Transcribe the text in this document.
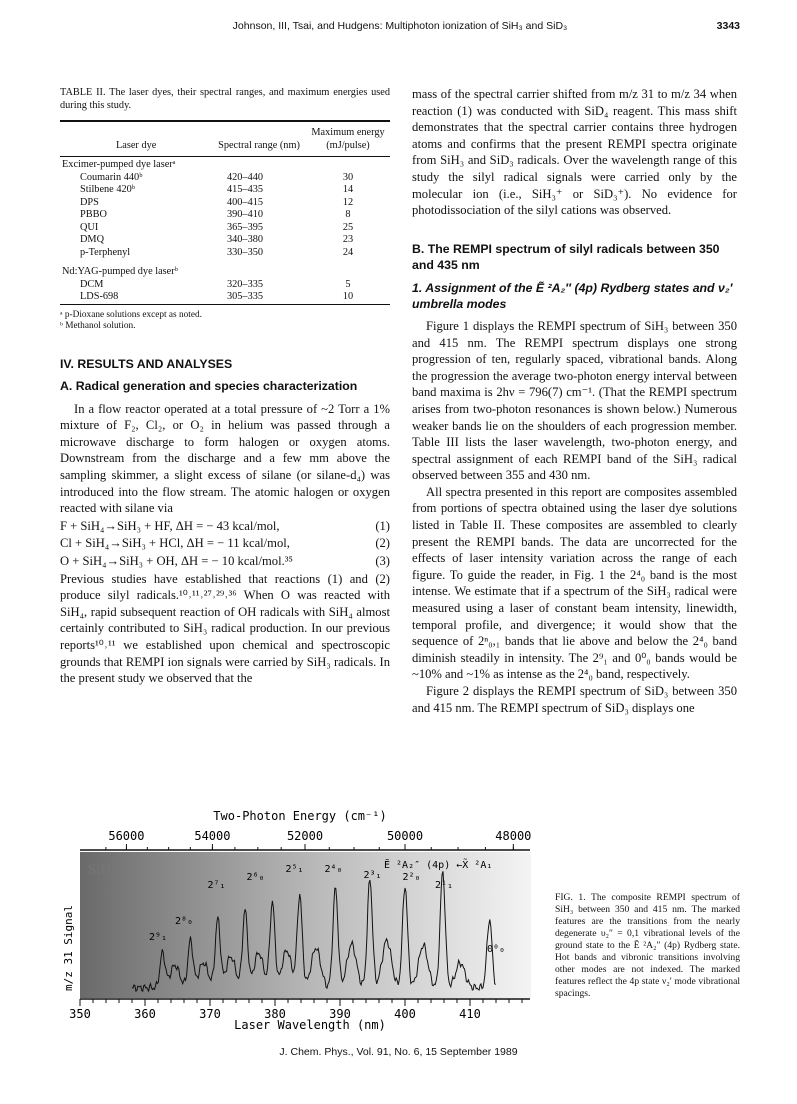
Johnson, III, Tsai, and Hudgens: Multiphoton ionization of SiH₃ and SiD₃	3343
TABLE II. The laser dyes, their spectral ranges, and maximum energies used during this study.
Laser dye	Spectral range (nm)	Maximum energy (mJ/pulse)
Excimer-pumped dye laserᵃ		
Coumarin 440ᵇ	420–440	30
Stilbene 420ᵇ	415–435	14
DPS	400–415	12
PBBO	390–410	8
QUI	365–395	25
DMQ	340–380	23
p-Terphenyl	330–350	24

Nd:YAG-pumped dye laserᵇ		
DCM	320–335	5
LDS-698	305–335	10
ᵃ p-Dioxane solutions except as noted.
ᵇ Methanol solution.
IV. RESULTS AND ANALYSES
A. Radical generation and species characterization

In a flow reactor operated at a total pressure of ~2 Torr a 1% mixture of F₂, Cl₂, or O₂ in helium was passed through a microwave discharge to form halogen or oxygen atoms. Downstream from the discharge and a few mm above the sampling skimmer, a slight excess of silane (or silane-d₄) was introduced into the flow stream. The atomic halogen or oxygen reacted with silane via

F + SiH₄→SiH₃ + HF, ΔH = − 43 kcal/mol,	(1)
Cl + SiH₄→SiH₃ + HCl, ΔH = − 11 kcal/mol,	(2)
O + SiH₄→SiH₃ + OH, ΔH = − 10 kcal/mol.³⁵	(3)

Previous studies have established that reactions (1) and (2) produce silyl radicals.¹⁰˒¹¹˒²⁷˒²⁹˒³⁶ When O was reacted with SiH₄, rapid subsequent reaction of OH radicals with SiH₄ almost certainly contributed to SiH₃ radical production. In our previous reports¹⁰˒¹¹ we established upon chemical and spectroscopic grounds that REMPI ion signals were carried by SiH₃ radicals. In the present study we observed that the

mass of the spectral carrier shifted from m/z 31 to m/z 34 when reaction (1) was conducted with SiD₄ reagent. This mass shift demonstrates that the spectral carrier contains three hydrogen atoms and confirms that the present REMPI spectra originate from SiH₃ and SiD₃ radicals. Over the wavelength range of this study the silyl radical signals were carried only by the molecular ion (i.e., SiH₃⁺ or SiD₃⁺). No evidence for photodissociation of the silyl cations was observed.

B. The REMPI spectrum of silyl radicals between 350 and 435 nm
1. Assignment of the Ẽ ²A₂″ (4p) Rydberg states and ν₂′ umbrella modes

Figure 1 displays the REMPI spectrum of SiH₃ between 350 and 415 nm. The REMPI spectrum displays one strong progression of ten, regularly spaced, vibrational bands. Along the progression the average two-photon energy interval between band maxima is 2hν = 796(7) cm⁻¹. (That the REMPI spectrum arises from two-photon resonances is shown below.) Numerous weaker bands lie on the shoulders of each progression member. Table III lists the laser wavelength, two-photon energy, and spectral assignment of each REMPI band of the SiH₃ radical observed between 355 and 430 nm.

All spectra presented in this report are composites assembled from portions of spectra obtained using the laser dye solutions listed in Table II. These composites are assembled to clearly present the REMPI bands. The data are uncorrected for the effects of laser intensity variation across the range of each figure. To guide the reader, in Fig. 1 the 2⁴₀ band is the most intense. We estimate that if a spectrum of the SiH₃ radical were measured using a laser of constant beam intensity, linewidth, temporal profile, and divergence; it would show that the sequence of 2ⁿ₀,₁ bands that lie above and below the 2⁴₀ band diminish steadily in intensity. The 2⁹₁ and 0⁰₀ bands would be ~10% and ~1% as intense as the 2⁴₀ band, respectively.

Figure 2 displays the REMPI spectrum of SiD₃ between 350 and 415 nm. The REMPI spectrum of SiD₃ displays one

Two-Photon Energy (cm⁻¹)
56000	54000	52000	50000	48000
SiH₃	Ẽ ²A₂″ (4p) ←X̃ ²A₁
2⁹₁
2⁸₀
2⁷₁
2⁶₀
2⁵₁ 2⁴₀
2³₁ 2²₀
2¹₁
0⁰₀
m/z 31 Signal
350	360	370	380	390	400	410
Laser Wavelength (nm)
FIG. 1. The composite REMPI spectrum of SiH₃ between 350 and 415 nm. The marked features are the transitions from the nearly degenerate υ₂″ = 0,1 vibrational levels of the ground state to the Ẽ ²A₂″ (4p) Rydberg state. Hot bands and vibronic transitions involving other modes are not indexed. The marked features reflect the 4p state ν₂′ mode vibrational spacings.
J. Chem. Phys., Vol. 91, No. 6, 15 September 1989
